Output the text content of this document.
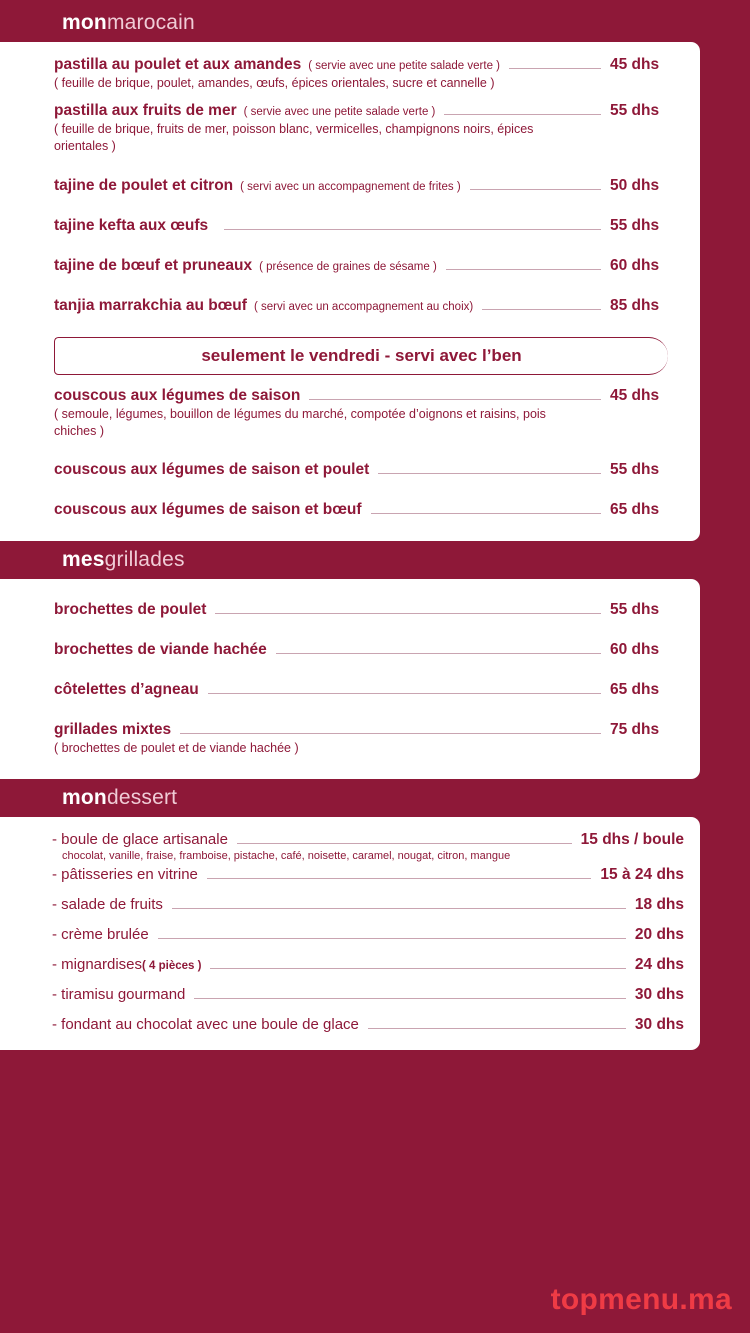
monmarocain
pastilla au poulet et aux amandes ( servie avec une petite salade verte )	45 dhs
( feuille de brique, poulet, amandes, œufs, épices orientales, sucre et cannelle )
pastilla aux fruits de mer ( servie avec une petite salade verte )	55 dhs
( feuille de brique, fruits de mer, poisson blanc, vermicelles, champignons noirs, épices orientales )
tajine de poulet et citron ( servi avec un accompagnement de frites )	50 dhs
tajine kefta aux œufs	55 dhs
tajine de bœuf et pruneaux ( présence de graines de sésame )	60 dhs
tanjia marrakchia au bœuf ( servi avec un accompagnement au choix)	85 dhs
seulement le vendredi - servi avec l’ben
couscous aux légumes de saison	45 dhs
( semoule, légumes, bouillon de légumes du marché, compotée d’oignons et raisins, pois chiches )
couscous aux légumes de saison et poulet	55 dhs
couscous aux légumes de saison et bœuf	65 dhs
mesgrillades
brochettes de poulet	55 dhs
brochettes de viande hachée	60 dhs
côtelettes d’agneau	65 dhs
grillades mixtes	75 dhs
( brochettes de poulet et de viande hachée )
mondessert
- boule de glace artisanale	15 dhs / boule
chocolat, vanille, fraise, framboise, pistache, café, noisette, caramel, nougat, citron, mangue
- pâtisseries en vitrine	15 à 24 dhs
- salade de fruits	18 dhs
- crème brulée	20 dhs
- mignardises( 4 pièces )	24 dhs
- tiramisu gourmand	30 dhs
- fondant au chocolat avec une boule de glace	30 dhs
topmenu.ma
